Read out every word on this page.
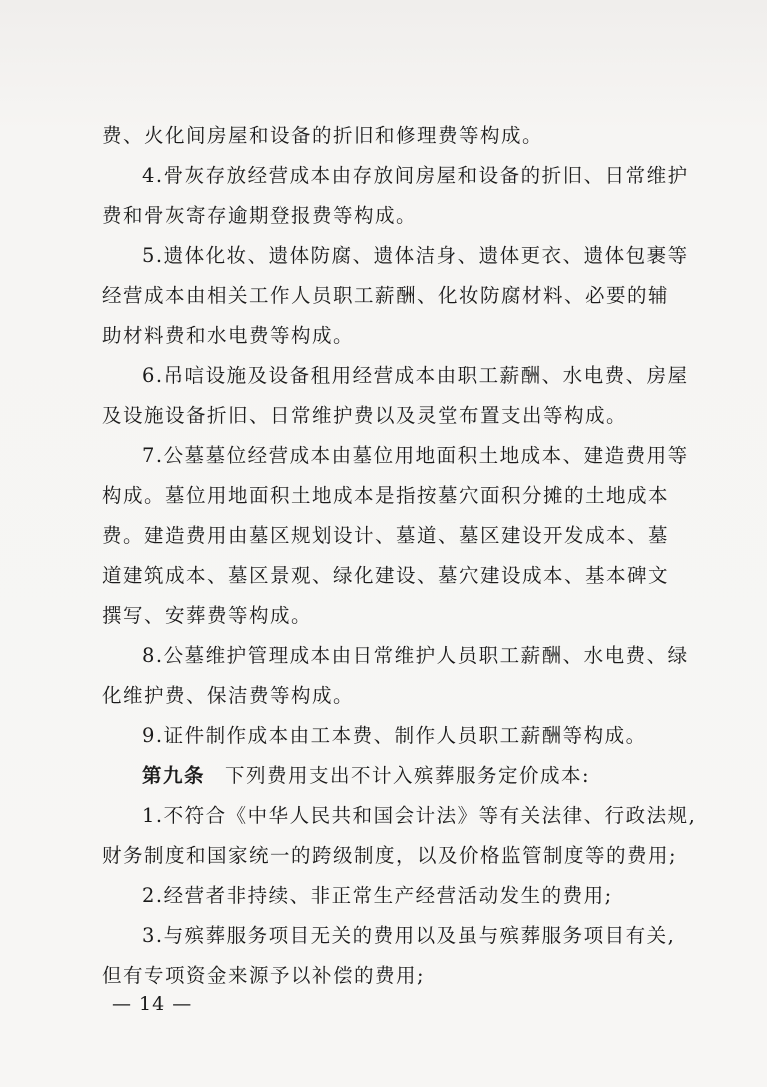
费、火化间房屋和设备的折旧和修理费等构成。
4.骨灰存放经营成本由存放间房屋和设备的折旧、日常维护
费和骨灰寄存逾期登报费等构成。
5.遗体化妆、遗体防腐、遗体洁身、遗体更衣、遗体包裹等
经营成本由相关工作人员职工薪酬、化妆防腐材料、必要的辅
助材料费和水电费等构成。
6.吊唁设施及设备租用经营成本由职工薪酬、水电费、房屋
及设施设备折旧、日常维护费以及灵堂布置支出等构成。
7.公墓墓位经营成本由墓位用地面积土地成本、建造费用等
构成。墓位用地面积土地成本是指按墓穴面积分摊的土地成本
费。建造费用由墓区规划设计、墓道、墓区建设开发成本、墓
道建筑成本、墓区景观、绿化建设、墓穴建设成本、基本碑文
撰写、安葬费等构成。
8.公墓维护管理成本由日常维护人员职工薪酬、水电费、绿
化维护费、保洁费等构成。
9.证件制作成本由工本费、制作人员职工薪酬等构成。
第九条 下列费用支出不计入殡葬服务定价成本:
1.不符合《中华人民共和国会计法》等有关法律、行政法规,
财务制度和国家统一的跨级制度，以及价格监管制度等的费用;
2.经营者非持续、非正常生产经营活动发生的费用;
3.与殡葬服务项目无关的费用以及虽与殡葬服务项目有关,
但有专项资金来源予以补偿的费用;
— 14 —
